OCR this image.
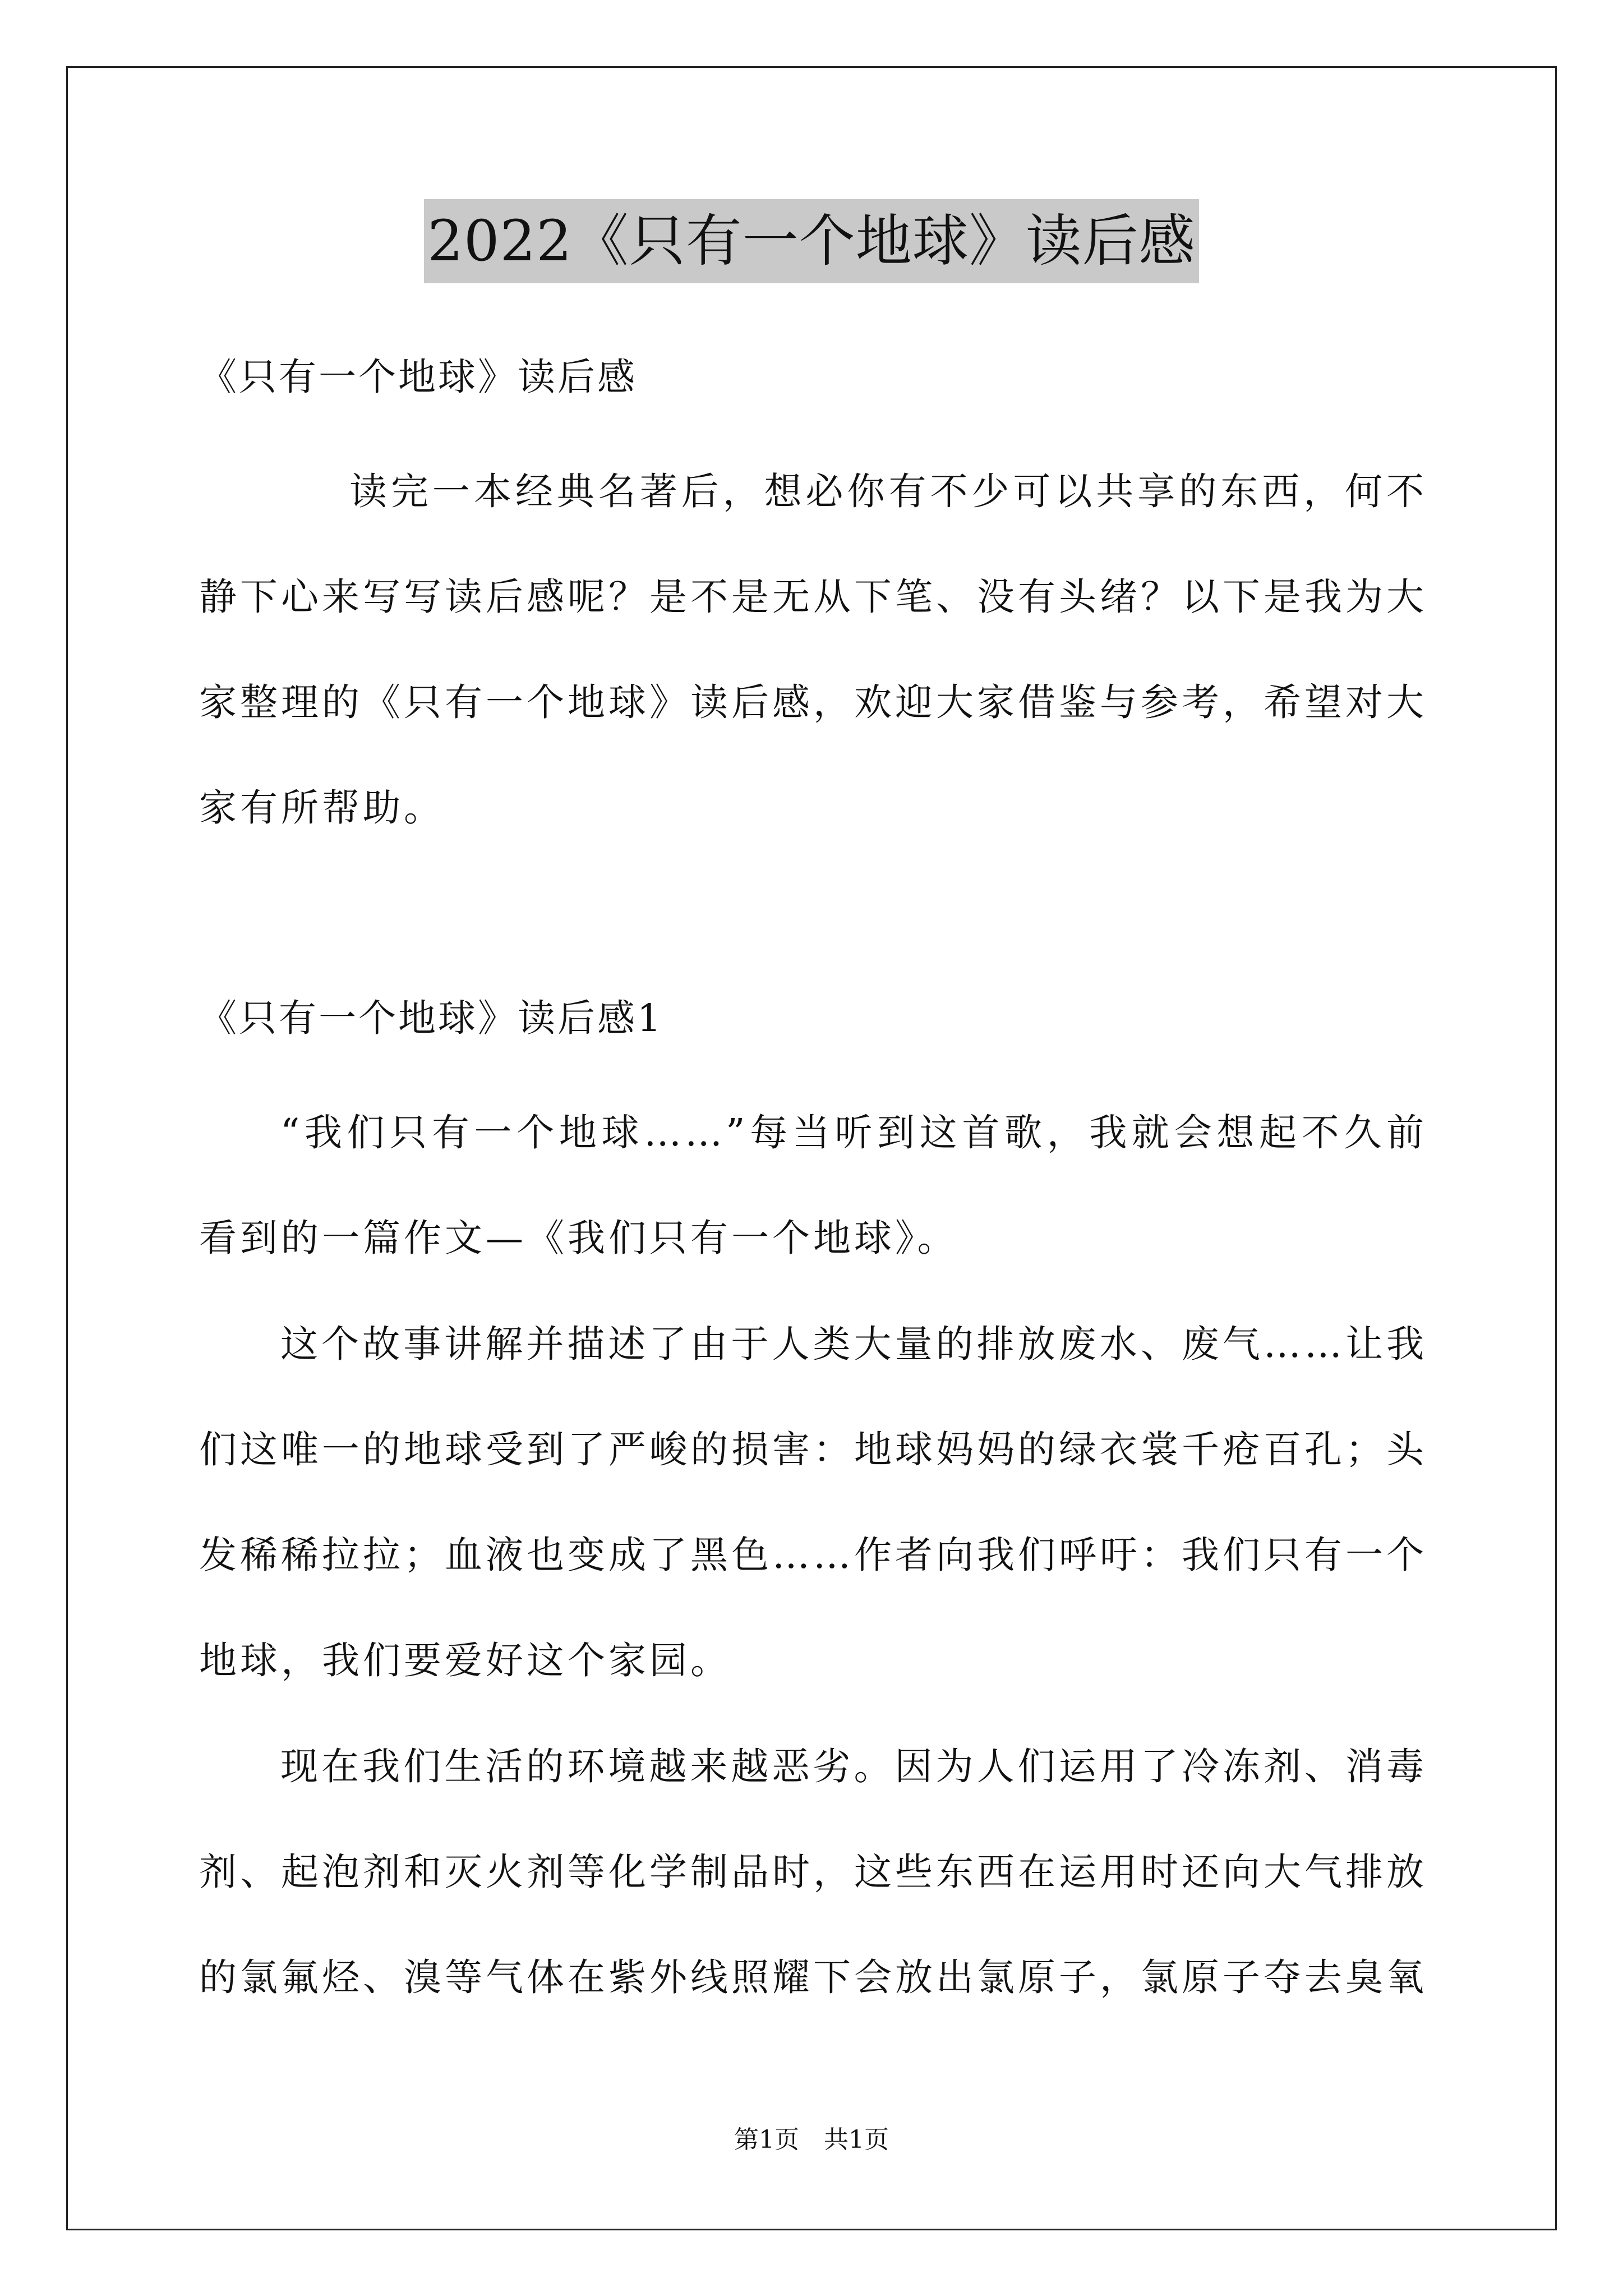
2022《只有一个地球》读后感
《只有一个地球》读后感

读完一本经典名著后，想必你有不少可以共享的东西，何不静下心来写写读后感呢？是不是无从下笔、没有头绪？以下是我为大家整理的《只有一个地球》读后感，欢迎大家借鉴与参考，希望对大家有所帮助。

《只有一个地球》读后感1

“我们只有一个地球……”每当听到这首歌，我就会想起不久前看到的一篇作文—《我们只有一个地球》。

这个故事讲解并描述了由于人类大量的排放废水、废气……让我们这唯一的地球受到了严峻的损害：地球妈妈的绿衣裳千疮百孔；头发稀稀拉拉；血液也变成了黑色……作者向我们呼吁：我们只有一个地球，我们要爱好这个家园。

现在我们生活的环境越来越恶劣。因为人们运用了冷冻剂、消毒剂、起泡剂和灭火剂等化学制品时，这些东西在运用时还向大气排放的氯氟烃、溴等气体在紫外线照耀下会放出氯原子，氯原子夺去臭氧

第1页　共1页
